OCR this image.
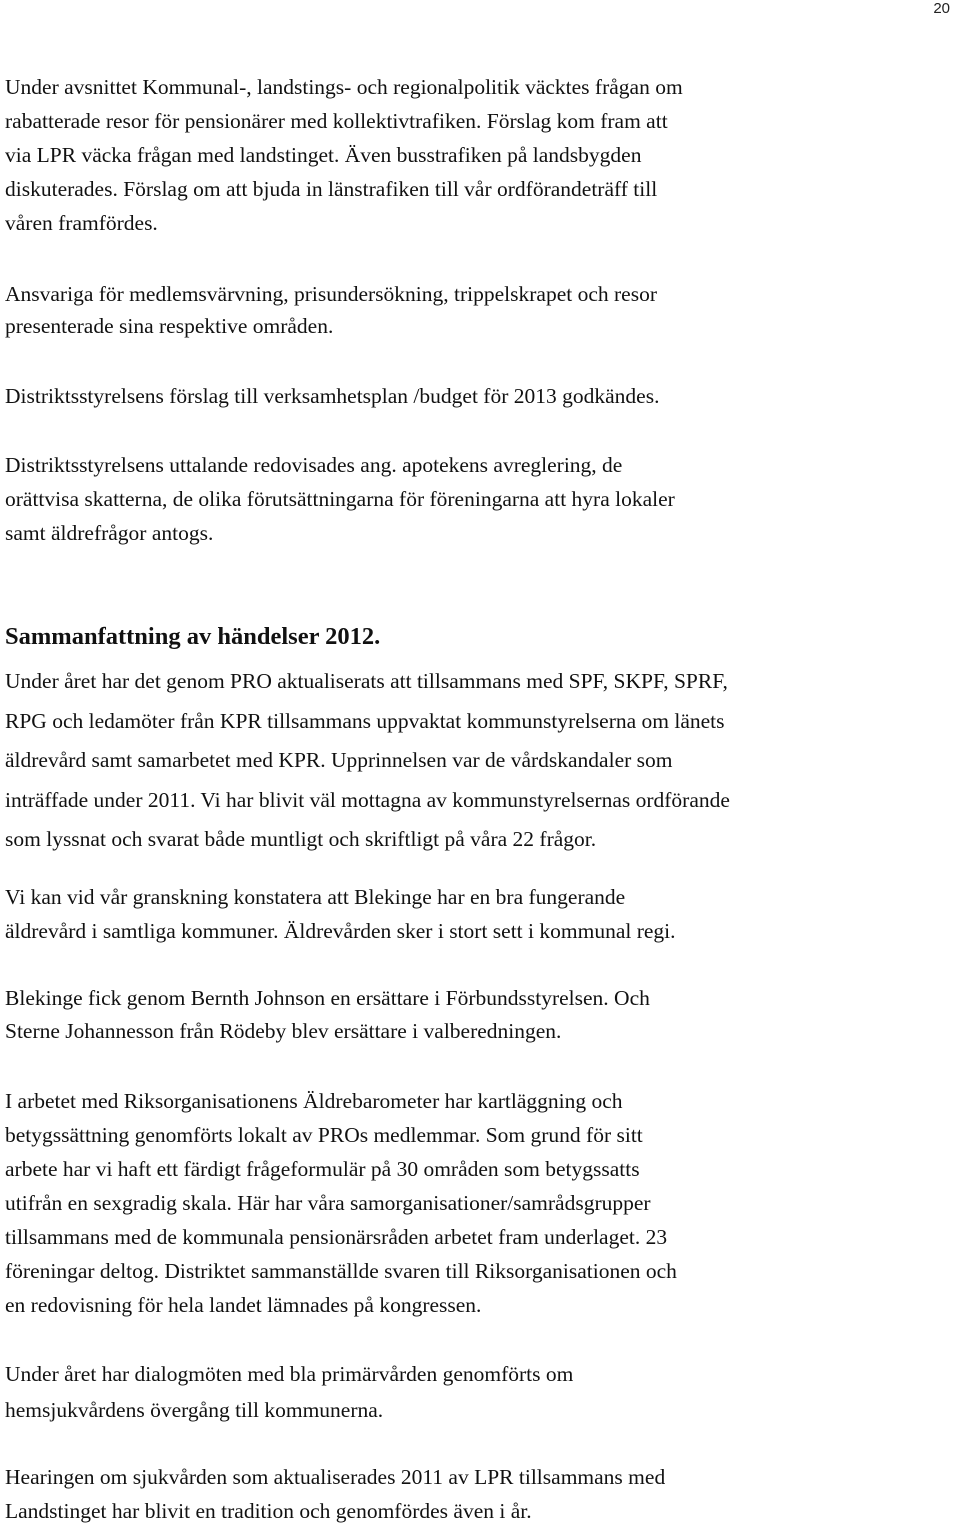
20

Under avsnittet Kommunal-, landstings- och regionalpolitik väcktes frågan om
rabatterade resor för pensionärer med kollektivtrafiken. Förslag kom fram att
via LPR väcka frågan med landstinget. Även busstrafiken på landsbygden
diskuterades. Förslag om att bjuda in länstrafiken till vår ordförandeträff till
våren framfördes.

Ansvariga för medlemsvärvning, prisundersökning, trippelskrapet och resor
presenterade sina respektive områden.

Distriktsstyrelsens förslag till verksamhetsplan /budget för 2013 godkändes.

Distriktsstyrelsens uttalande redovisades ang. apotekens avreglering, de
orättvisa skatterna, de olika förutsättningarna för föreningarna att hyra lokaler
samt äldrefrågor antogs.

Sammanfattning av händelser 2012.

Under året har det genom PRO aktualiserats att tillsammans med SPF, SKPF, SPRF,
RPG och ledamöter från KPR tillsammans uppvaktat kommunstyrelserna om länets
äldrevård samt samarbetet med KPR. Upprinnelsen var de vårdskandaler som
inträffade under 2011. Vi har blivit väl mottagna av kommunstyrelsernas ordförande
som lyssnat och svarat både muntligt och skriftligt på våra 22 frågor.

Vi kan vid vår granskning konstatera att Blekinge har en bra fungerande
äldrevård i samtliga kommuner. Äldrevården sker i stort sett i kommunal regi.

Blekinge fick genom Bernth Johnson en ersättare i Förbundsstyrelsen. Och
Sterne Johannesson från Rödeby blev ersättare i valberedningen.

I arbetet med Riksorganisationens Äldrebarometer har kartläggning och
betygssättning genomförts lokalt av PROs medlemmar. Som grund för sitt
arbete har vi haft ett färdigt frågeformulär på 30 områden som betygssatts
utifrån en sexgradig skala. Här har våra samorganisationer/samrådsgrupper
tillsammans med de kommunala pensionärsråden arbetet fram underlaget. 23
föreningar deltog. Distriktet sammanställde svaren till Riksorganisationen och
en redovisning för hela landet lämnades på kongressen.

Under året har dialogmöten med bla primärvården genomförts om
hemsjukvårdens övergång till kommunerna.

Hearingen om sjukvården som aktualiserades 2011 av LPR tillsammans med
Landstinget har blivit en tradition och genomfördes även i år.
